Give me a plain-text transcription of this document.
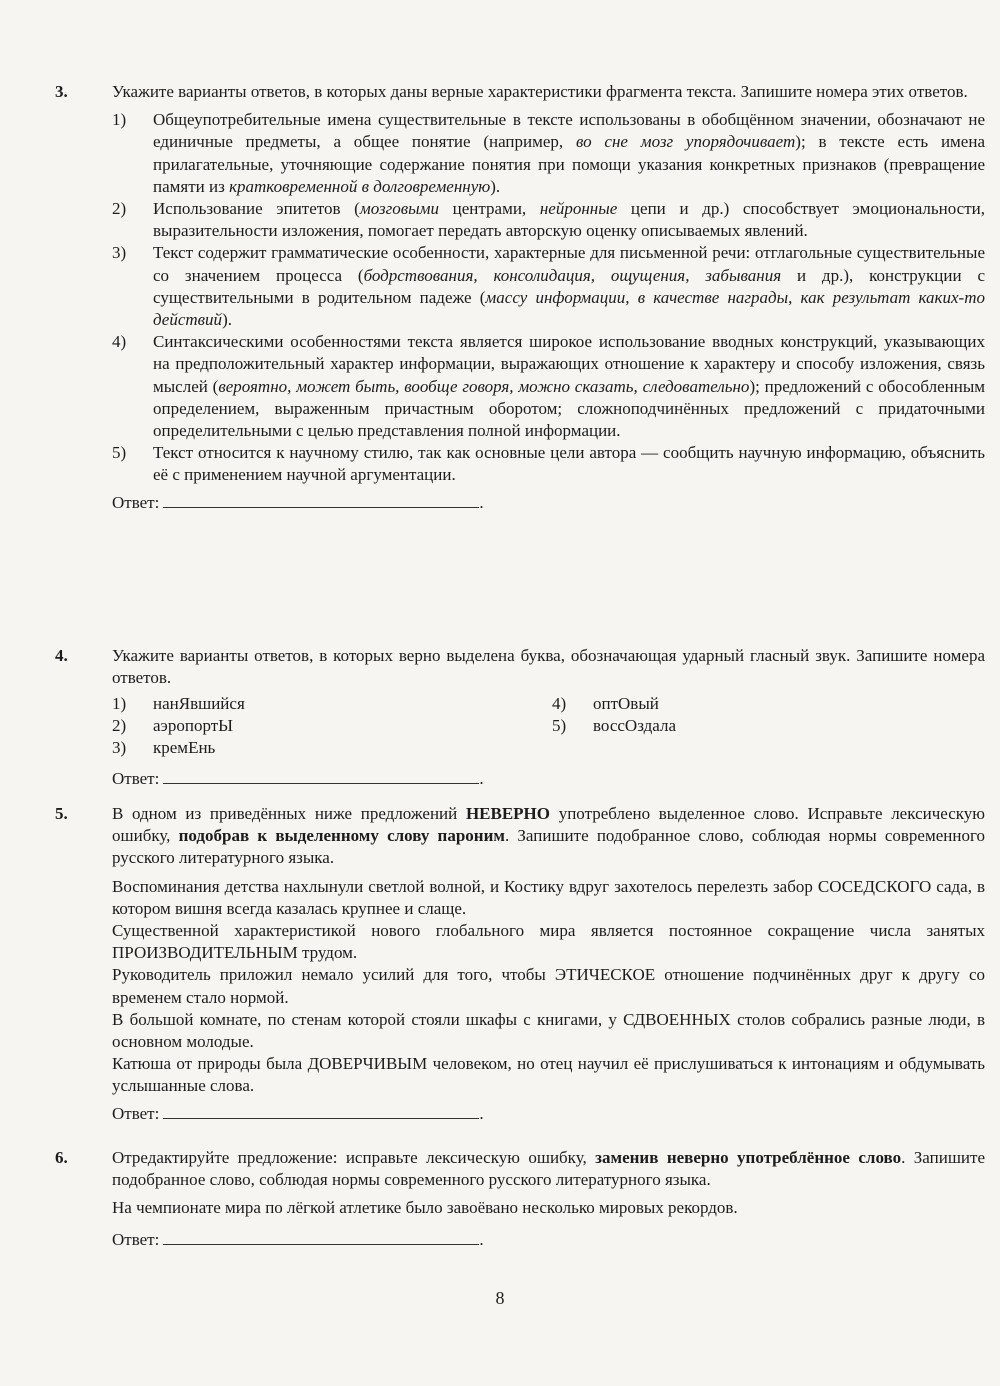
3.	Укажите варианты ответов, в которых даны верные характеристики фрагмента текста. Запишите номера этих ответов.

1) Общеупотребительные имена существительные в тексте использованы в обобщённом значении, обозначают не единичные предметы, а общее понятие (например, во сне мозг упорядочивает); в тексте есть имена прилагательные, уточняющие содержание понятия при помощи указания конкретных признаков (превращение памяти из кратковременной в долговременную).

2) Использование эпитетов (мозговыми центрами, нейронные цепи и др.) способствует эмоциональности, выразительности изложения, помогает передать авторскую оценку описываемых явлений.

3) Текст содержит грамматические особенности, характерные для письменной речи: отглагольные существительные со значением процесса (бодрствования, консолидация, ощущения, забывания и др.), конструкции с существительными в родительном падеже (массу информации, в качестве награды, как результат каких-то действий).

4) Синтаксическими особенностями текста является широкое использование вводных конструкций, указывающих на предположительный характер информации, выражающих отношение к характеру и способу изложения, связь мыслей (вероятно, может быть, вообще говоря, можно сказать, следовательно); предложений с обособленным определением, выраженным причастным оборотом; сложноподчинённых предложений с придаточными определительными с целью представления полной информации.

5) Текст относится к научному стилю, так как основные цели автора — сообщить научную информацию, объяснить её с применением научной аргументации.

Ответ:	.
4.	Укажите варианты ответов, в которых верно выделена буква, обозначающая ударный гласный звук. Запишите номера ответов.

1) нанЯвшийся
2) аэропортЫ
3) кремЕнь
4) оптОвый
5) воссОздала
Ответ:	.
5.	В одном из приведённых ниже предложений НЕВЕРНО употреблено выделенное слово. Исправьте лексическую ошибку, подобрав к выделенному слову пароним. Запишите подобранное слово, соблюдая нормы современного русского литературного языка.

Воспоминания детства нахлынули светлой волной, и Костику вдруг захотелось перелезть забор СОСЕДСКОГО сада, в котором вишня всегда казалась крупнее и слаще.

Существенной характеристикой нового глобального мира является постоянное сокращение числа занятых ПРОИЗВОДИТЕЛЬНЫМ трудом.

Руководитель приложил немало усилий для того, чтобы ЭТИЧЕСКОЕ отношение подчинённых друг к другу со временем стало нормой.

В большой комнате, по стенам которой стояли шкафы с книгами, у СДВОЕННЫХ столов собрались разные люди, в основном молодые.

Катюша от природы была ДОВЕРЧИВЫМ человеком, но отец научил её прислушиваться к интонациям и обдумывать услышанные слова.

Ответ:	.
6.	Отредактируйте предложение: исправьте лексическую ошибку, заменив неверно употреблённое слово. Запишите подобранное слово, соблюдая нормы современного русского литературного языка.

На чемпионате мира по лёгкой атлетике было завоёвано несколько мировых рекордов.

Ответ:	.
8
